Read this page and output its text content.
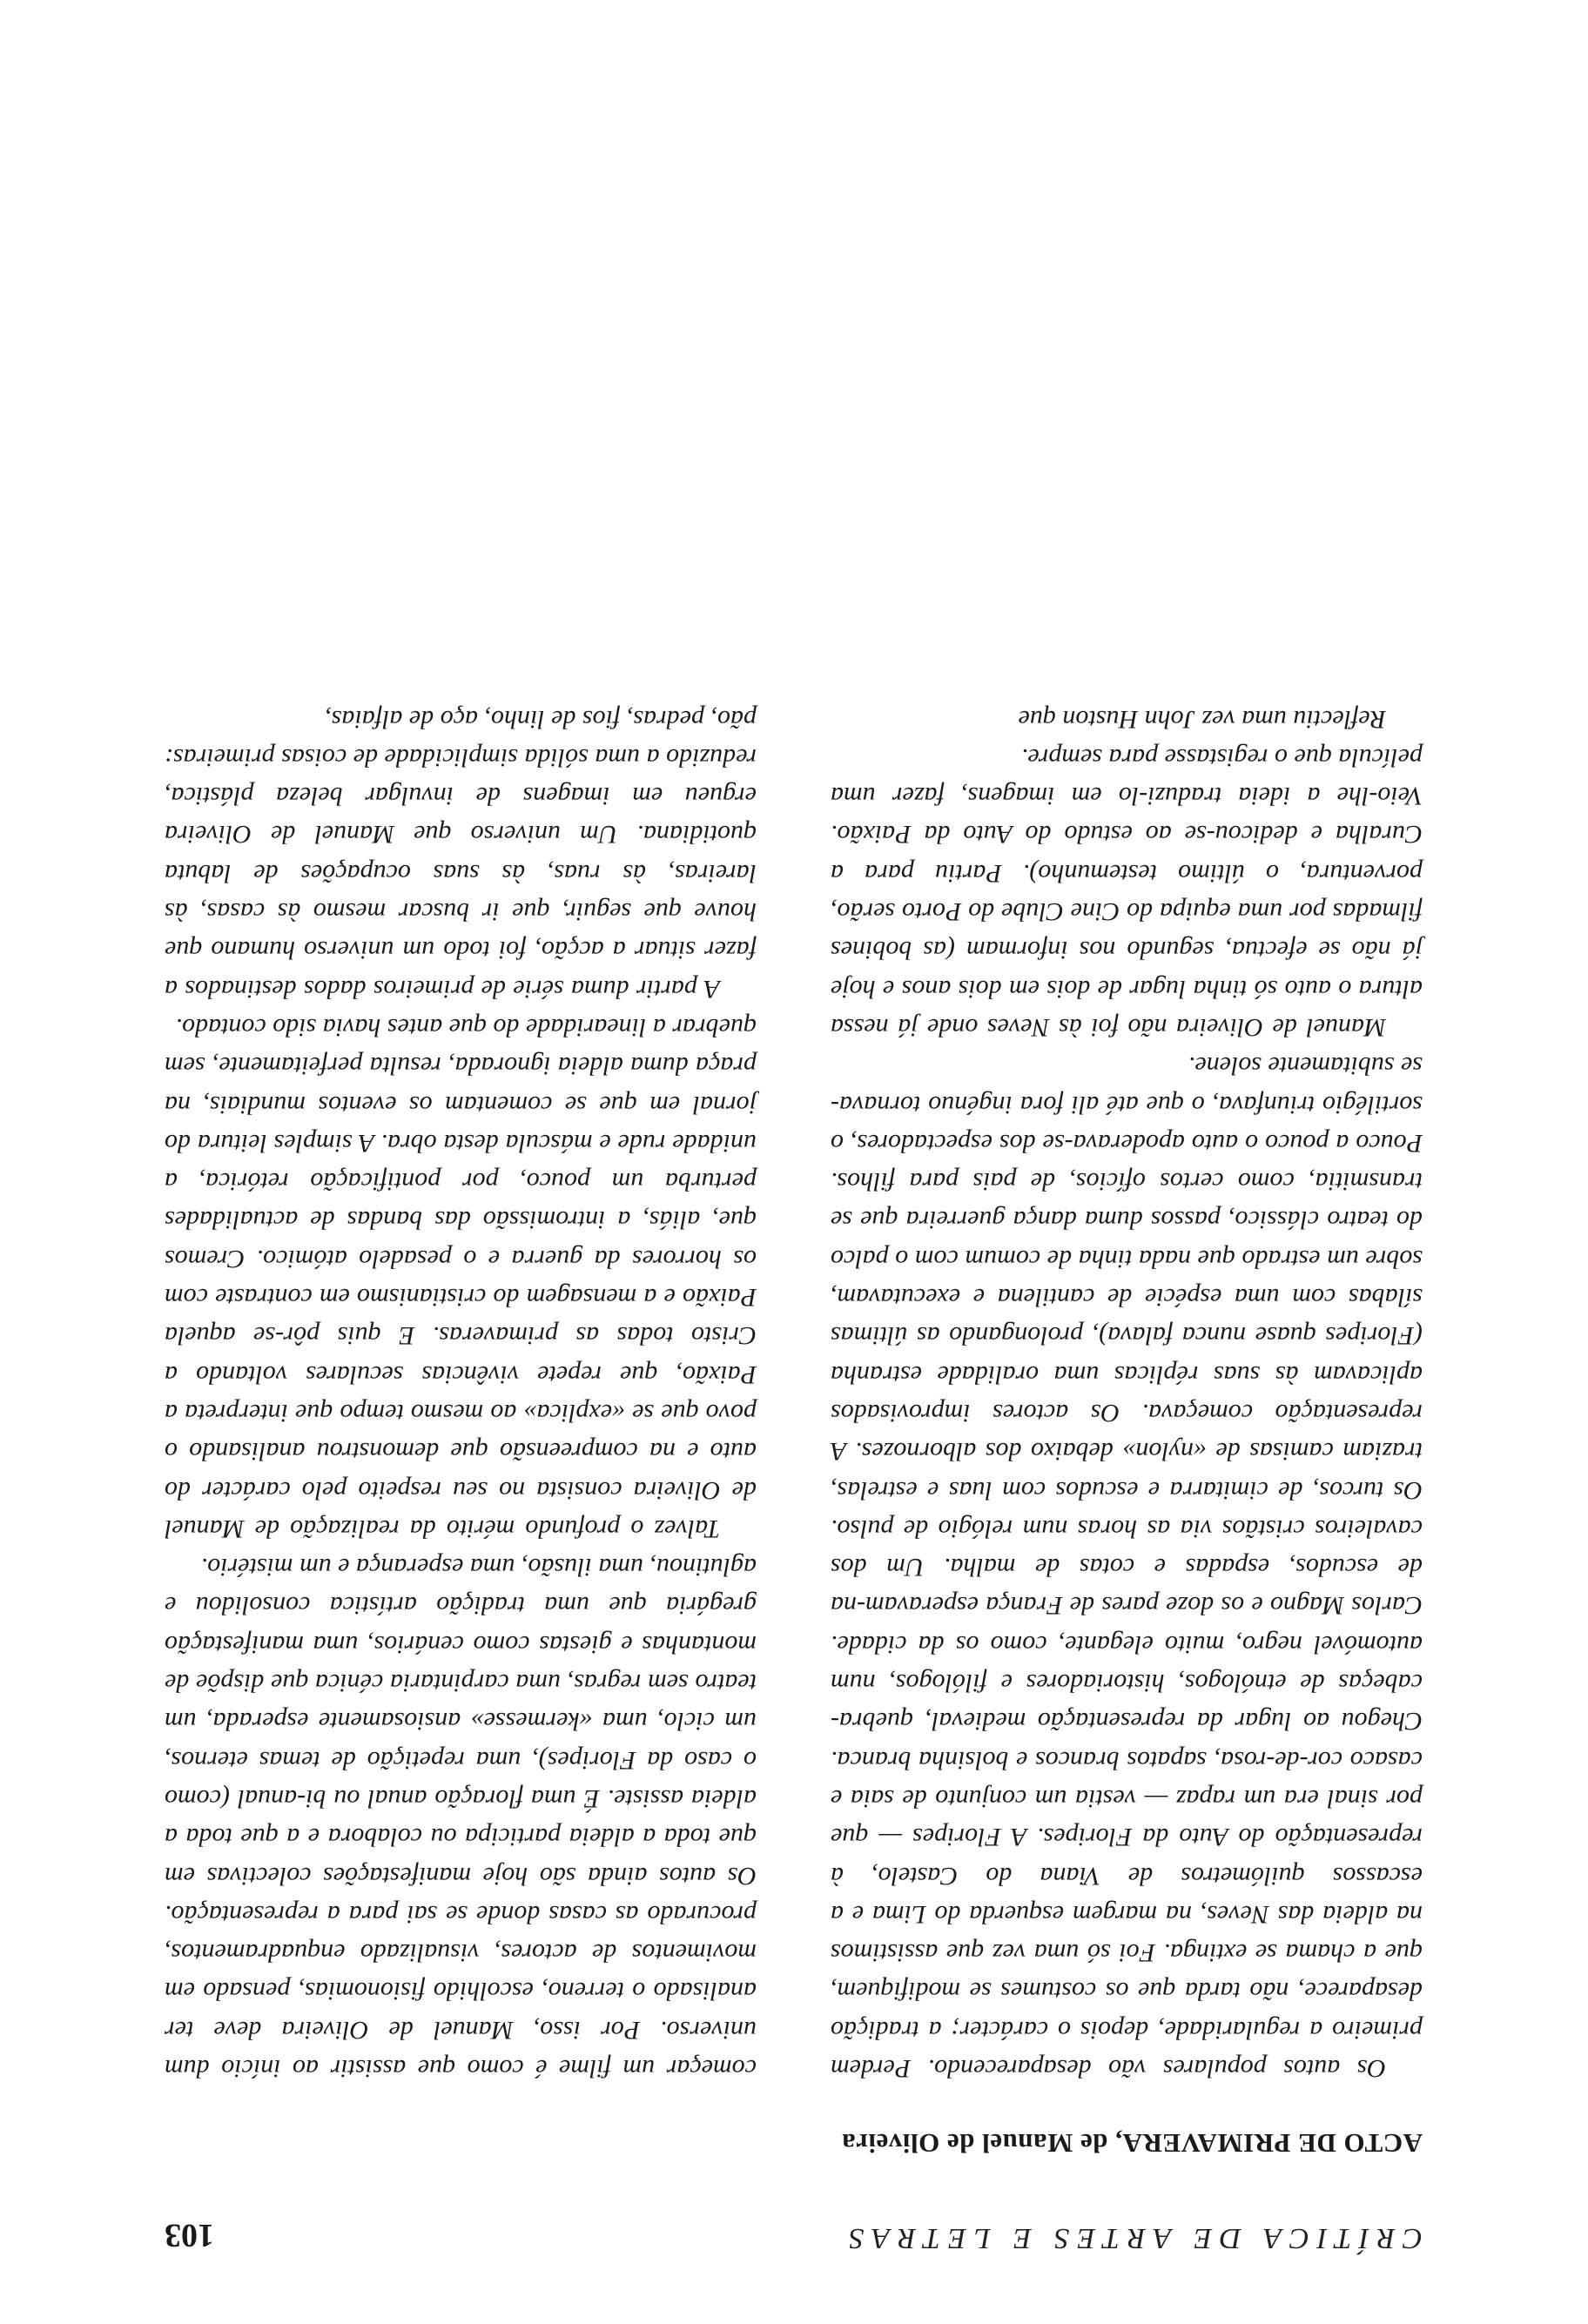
CRÍTICA DE ARTES E LETRAS
103
ACTO DE PRIMAVERA, de Manuel de Oliveira

Os autos populares vão desaparecendo. Perdem primeiro a regularidade, depois o carácter; a tradição desaparece, não tarda que os costumes se modifiquem, que a chama se extinga. Foi só uma vez que assistimos na aldeia das Neves, na margem esquerda do Lima e a escassos quilómetros de Viana do Castelo, à representação do Auto da Floripes. A Floripes — que por sinal era um rapaz — vestia um conjunto de saia e casaco cor-de-rosa, sapatos brancos e bolsinha branca. Chegou ao lugar da representação medieval, quebra-cabeças de etnólogos, historiadores e filólogos, num automóvel negro, muito elegante, como os da cidade. Carlos Magno e os doze pares de França esperavam-na de escudos, espadas e cotas de malha. Um dos cavaleiros cristãos via as horas num relógio de pulso. Os turcos, de cimitarra e escudos com luas e estrelas, traziam camisas de «nylon» debaixo dos albornozes. A representação começava. Os actores improvisados aplicavam às suas réplicas uma oralidade estranha (Floripes quase nunca falava), prolongando as últimas sílabas com uma espécie de cantilena e executavam, sobre um estrado que nada tinha de comum com o palco do teatro clássico, passos duma dança guerreira que se transmitia, como certos ofícios, de pais para filhos. Pouco a pouco o auto apoderava-se dos espectadores, o sortilégio triunfava, o que até ali fora ingénuo tornava-se subitamente solene.

Manuel de Oliveira não foi às Neves onde já nessa altura o auto só tinha lugar de dois em dois anos e hoje já não se efectua, segundo nos informam (as bobines filmadas por uma equipa do Cine Clube do Porto serão, porventura, o último testemunho). Partiu para a Curalha e dedicou-se ao estudo do Auto da Paixão. Veio-lhe a ideia traduzi-lo em imagens, fazer uma película que o registasse para sempre.

Reflectiu uma vez John Huston que

começar um filme é como que assistir ao início dum universo. Por isso, Manuel de Oliveira deve ter analisado o terreno, escolhido fisionomias, pensado em movimentos de actores, visualizado enquadramentos, procurado as casas donde se sai para a representação. Os autos ainda são hoje manifestações colectivas em que toda a aldeia participa ou colabora e a que toda a aldeia assiste. É uma floração anual ou bi-anual (como o caso da Floripes), uma repetição de temas eternos, um ciclo, uma «kermesse» ansiosamente esperada, um teatro sem regras, uma carpintaria cénica que dispõe de montanhas e giestas como cenários, uma manifestação gregária que uma tradição artística consolidou e aglutinou, uma ilusão, uma esperança e um mistério.

Talvez o profundo mérito da realização de Manuel de Oliveira consista no seu respeito pelo carácter do auto e na compreensão que demonstrou analisando o povo que se «explica» ao mesmo tempo que interpreta a Paixão, que repete vivências seculares voltando a Cristo todas as primaveras. E quis pôr-se aquela Paixão e a mensagem do cristianismo em contraste com os horrores da guerra e o pesadelo atómico. Cremos que, aliás, a intromissão das bandas de actualidades perturba um pouco, por pontificação retórica, a unidade rude e máscula desta obra. A simples leitura do jornal em que se comentam os eventos mundiais, na praça duma aldeia ignorada, resulta perfeitamente, sem quebrar a linearidade do que antes havia sido contado.

A partir duma série de primeiros dados destinados a fazer situar a acção, foi todo um universo humano que houve que seguir, que ir buscar mesmo às casas, às lareiras, às ruas, às suas ocupações de labuta quotidiana. Um universo que Manuel de Oliveira ergueu em imagens de invulgar beleza plástica, reduzido a uma sólida simplicidade de coisas primeiras: pão, pedras, fios de linho, aço de alfaias,
